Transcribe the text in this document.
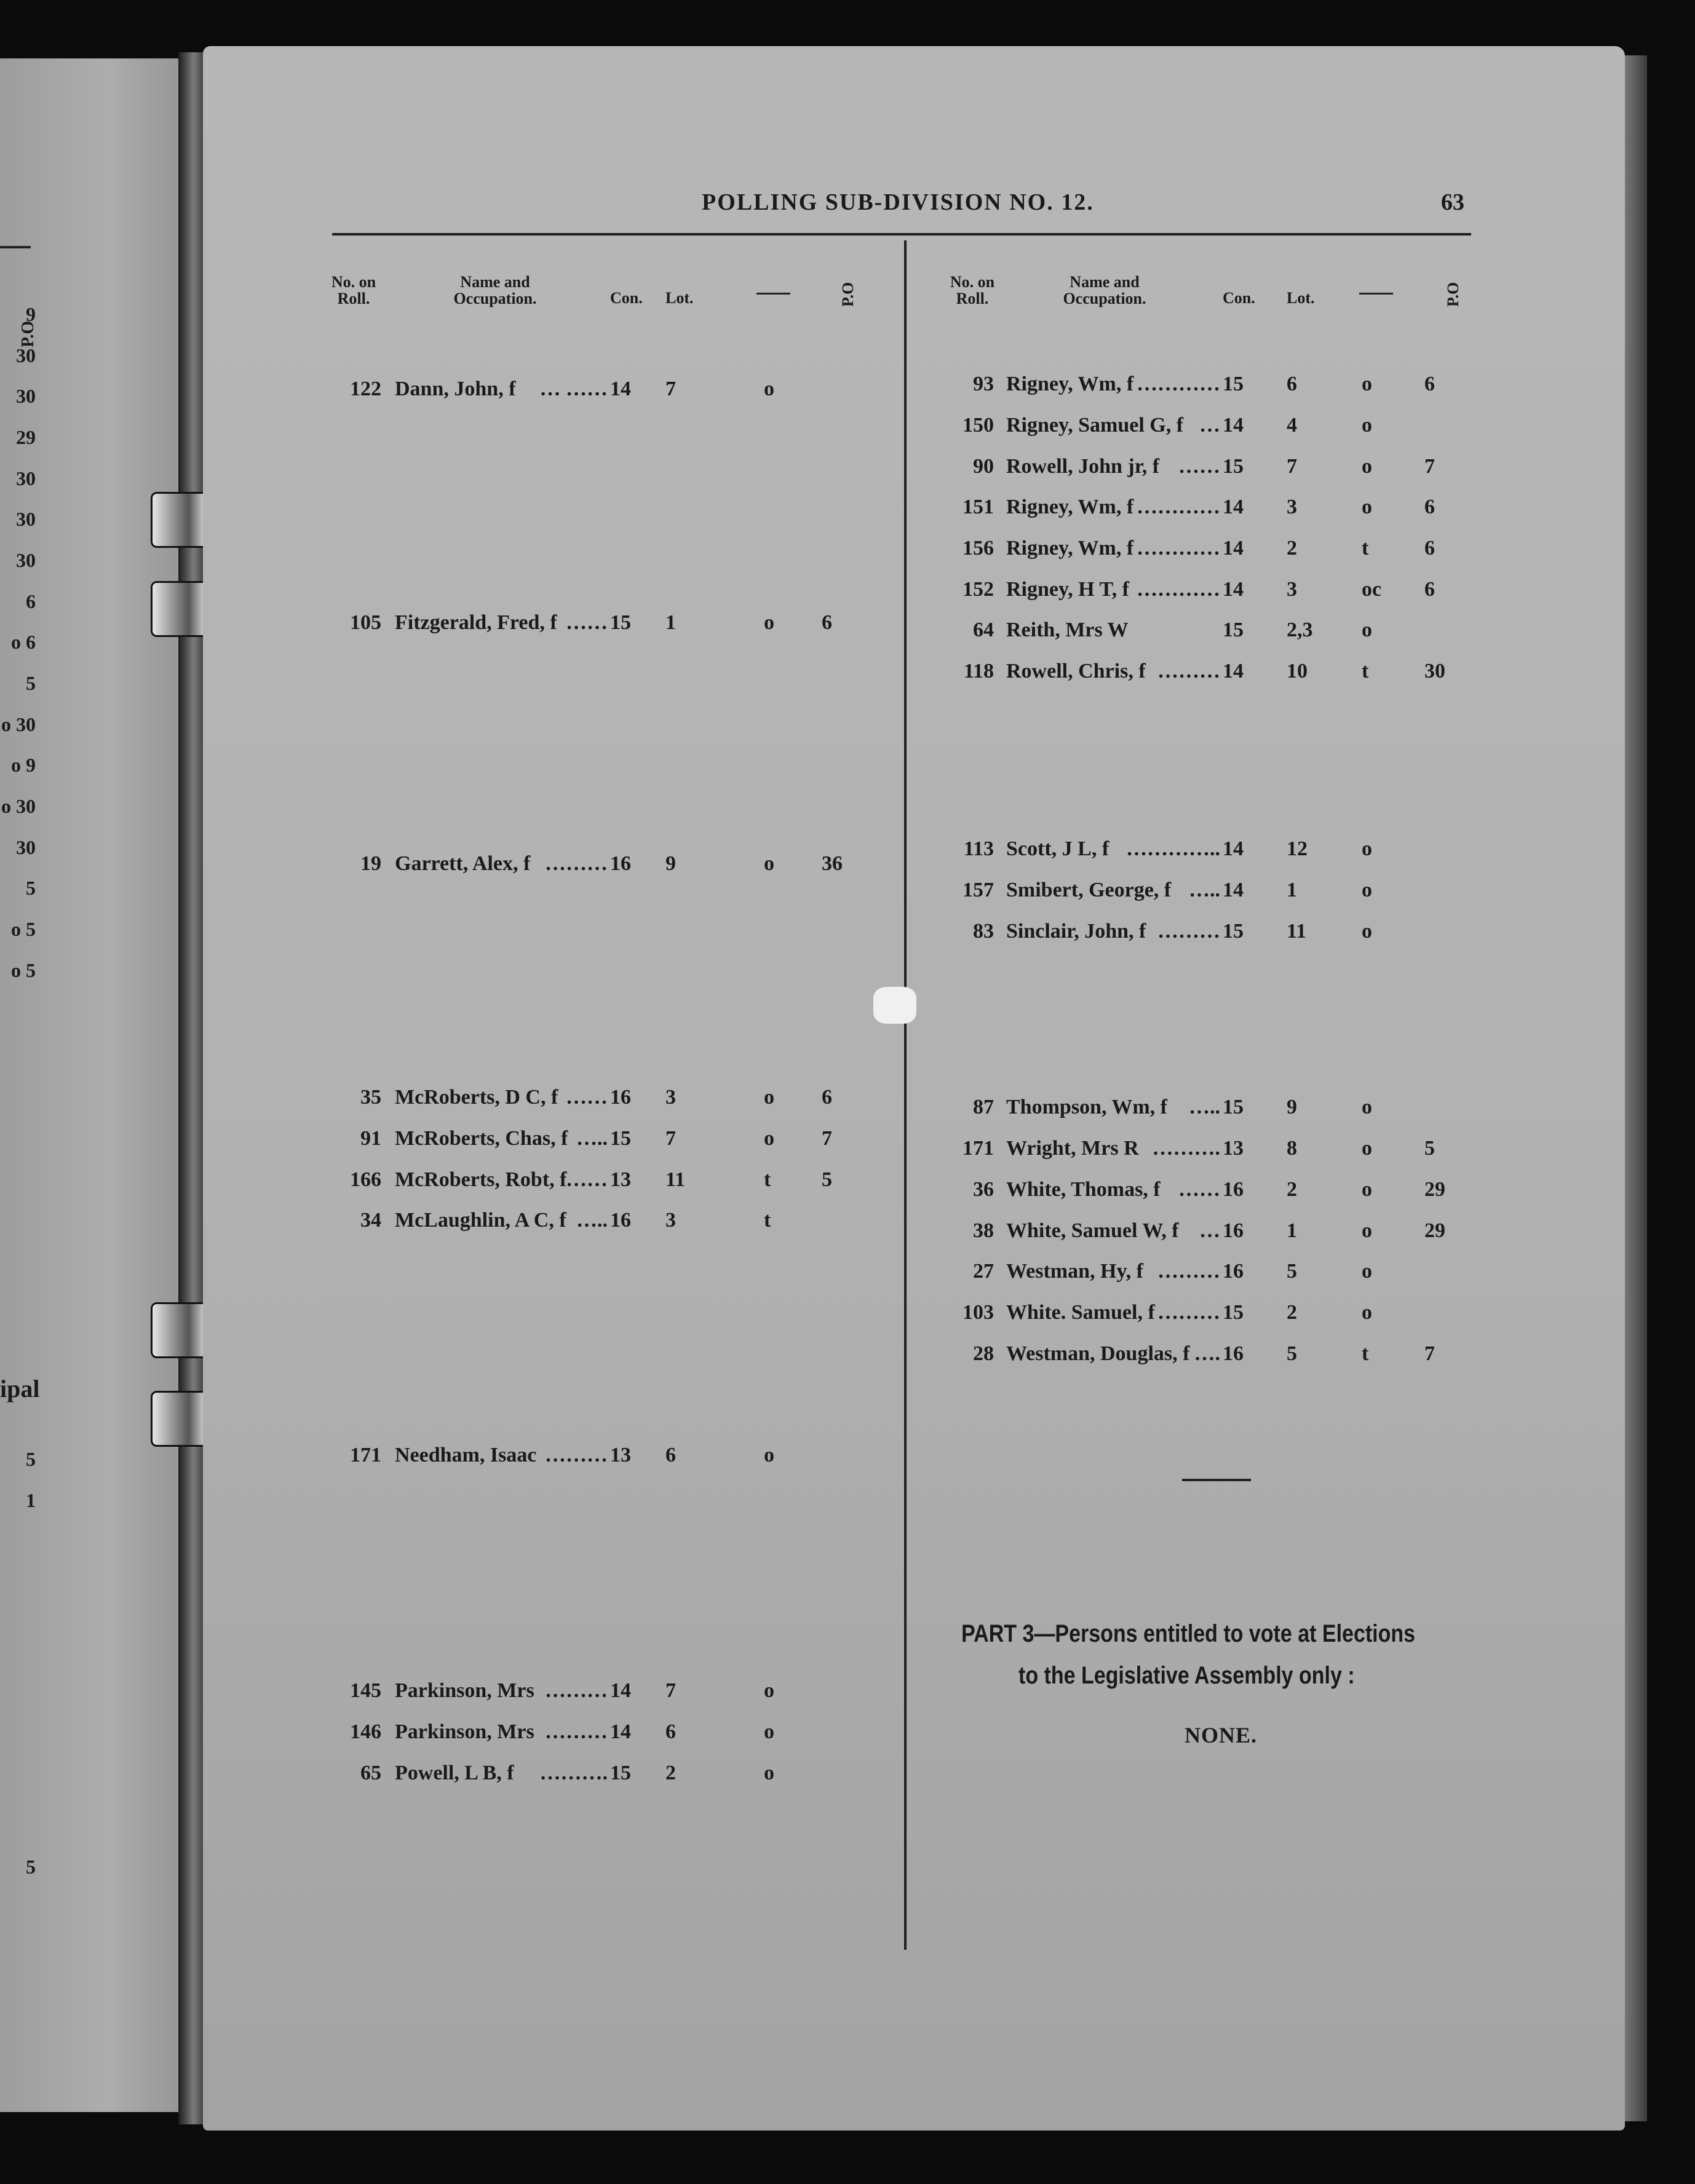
P.O
9
30
30
29
30
30
30
6
o 6
5
o 30
o 9
o 30
30
5
o 5
o 5
5
1
5
ipal
POLLING SUB-DIVISION NO. 12.	63
No. on
Roll.
Name and
Occupation.	Con. Lot.	P.O
No. on
Roll.
Name and
Occupation.	Con. Lot.	P.O
122 Dann, John, f	14 7	o
… ……
105 Fitzgerald, Fred, f	15 1	o 6
……
19 Garrett, Alex, f	16 9	o 36
………
35 McRoberts, D C, f	16 3	o 6
……
91 McRoberts, Chas, f	15 7	o 7
…..
166 McRoberts, Robt, f	13 11	t 5
……
34 McLaughlin, A C, f	16 3	t
…..
171 Needham, Isaac	13 6	o
………
145 Parkinson, Mrs	14 7	o
………
146 Parkinson, Mrs	14 6	o
………
65 Powell, L B, f	15 2	o
……….
93 Rigney, Wm, f	15 6	o	6
…………
150 Rigney, Samuel G, f	14 4	o
…
90 Rowell, John jr, f	15 7	o	7
……
151 Rigney, Wm, f	14 3	o	6
…………
156 Rigney, Wm, f	14 2	t	6
…………
152 Rigney, H T, f	14 3	oc 6
…………
64 Reith, Mrs W	15 2,3 o
118 Rowell, Chris, f	14 10	t	30
………
113 Scott, J L, f	14 12	o
…………..
157 Smibert, George, f	14 1	o
…..
83 Sinclair, John, f	15 11	o
………
87 Thompson, Wm, f	15 9	o
…..
171 Wright, Mrs R	13 8	o	5
……….
36 White, Thomas, f	16 2	o	29
……
38 White, Samuel W, f	16 1	o	29
…
27 Westman, Hy, f	16 5	o
………
103 White. Samuel, f	15 2	o
………
28 Westman, Douglas, f	16 5	t	7
….
PART 3—Persons entitled to vote at Elections
to the Legislative Assembly only :
NONE.
